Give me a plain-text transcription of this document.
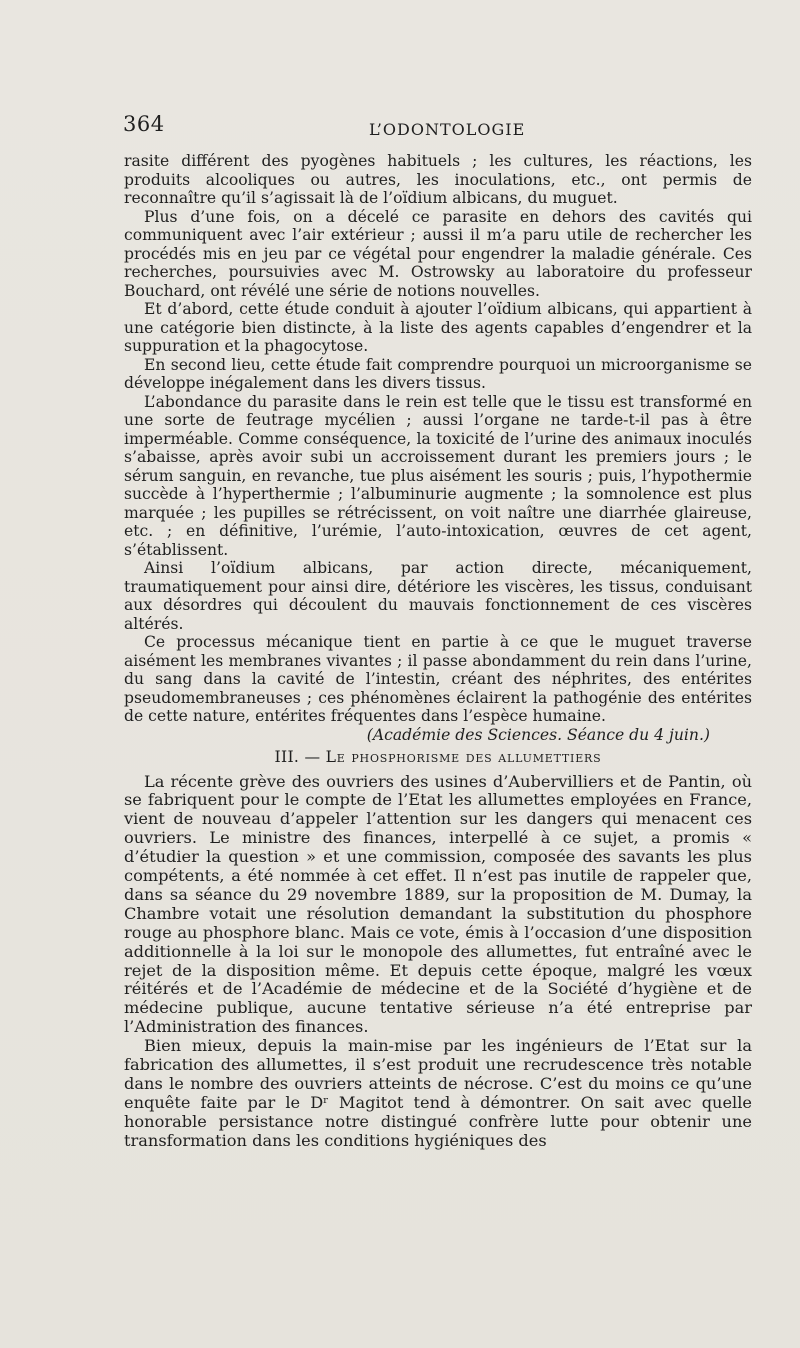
364	L’ODONTOLOGIE

rasite différent des pyogènes habituels ; les cultures, les réactions, les produits alcooliques ou autres, les inoculations, etc., ont permis de reconnaître qu’il s’agissait là de l’oïdium albicans, du muguet.

Plus d’une fois, on a décelé ce parasite en dehors des cavités qui communiquent avec l’air extérieur ; aussi il m’a paru utile de rechercher les procédés mis en jeu par ce végétal pour engendrer la maladie générale. Ces recherches, poursuivies avec M. Ostrowsky au laboratoire du professeur Bouchard, ont révélé une série de notions nouvelles.

Et d’abord, cette étude conduit à ajouter l’oïdium albicans, qui appartient à une catégorie bien distincte, à la liste des agents capables d’engendrer et la suppuration et la phagocytose.

En second lieu, cette étude fait comprendre pourquoi un microorganisme se développe inégalement dans les divers tissus.

L’abondance du parasite dans le rein est telle que le tissu est transformé en une sorte de feutrage mycélien ; aussi l’organe ne tarde-t-il pas à être imperméable. Comme conséquence, la toxicité de l’urine des animaux inoculés s’abaisse, après avoir subi un accroissement durant les premiers jours ; le sérum sanguin, en revanche, tue plus aisément les souris ; puis, l’hypothermie succède à l’hyperthermie ; l’albuminurie augmente ; la somnolence est plus marquée ; les pupilles se rétrécissent, on voit naître une diarrhée glaireuse, etc. ; en définitive, l’urémie, l’auto-intoxication, œuvres de cet agent, s’établissent.

Ainsi l’oïdium albicans, par action directe, mécaniquement, traumatiquement pour ainsi dire, détériore les viscères, les tissus, conduisant aux désordres qui découlent du mauvais fonctionnement de ces viscères altérés.

Ce processus mécanique tient en partie à ce que le muguet traverse aisément les membranes vivantes ; il passe abondamment du rein dans l’urine, du sang dans la cavité de l’intestin, créant des néphrites, des entérites pseudomembraneuses ; ces phénomènes éclairent la pathogénie des entérites de cette nature, entérites fréquentes dans l’espèce humaine.

(Académie des Sciences. Séance du 4 juin.)

III. — Le phosphorisme des allumettiers

La récente grève des ouvriers des usines d’Aubervilliers et de Pantin, où se fabriquent pour le compte de l’Etat les allumettes employées en France, vient de nouveau d’appeler l’attention sur les dangers qui menacent ces ouvriers. Le ministre des finances, interpellé à ce sujet, a promis « d’étudier la question » et une commission, composée des savants les plus compétents, a été nommée à cet effet. Il n’est pas inutile de rappeler que, dans sa séance du 29 novembre 1889, sur la proposition de M. Dumay, la Chambre votait une résolution demandant la substitution du phosphore rouge au phosphore blanc. Mais ce vote, émis à l’occasion d’une disposition additionnelle à la loi sur le monopole des allumettes, fut entraîné avec le rejet de la disposition même. Et depuis cette époque, malgré les vœux réitérés et de l’Académie de médecine et de la Société d’hygiène et de médecine publique, aucune tentative sérieuse n’a été entreprise par l’Administration des finances.

Bien mieux, depuis la main-mise par les ingénieurs de l’Etat sur la fabrication des allumettes, il s’est produit une recrudescence très notable dans le nombre des ouvriers atteints de nécrose. C’est du moins ce qu’une enquête faite par le Dʳ Magitot tend à démontrer. On sait avec quelle honorable persistance notre distingué confrère lutte pour obtenir une transformation dans les conditions hygiéniques des
